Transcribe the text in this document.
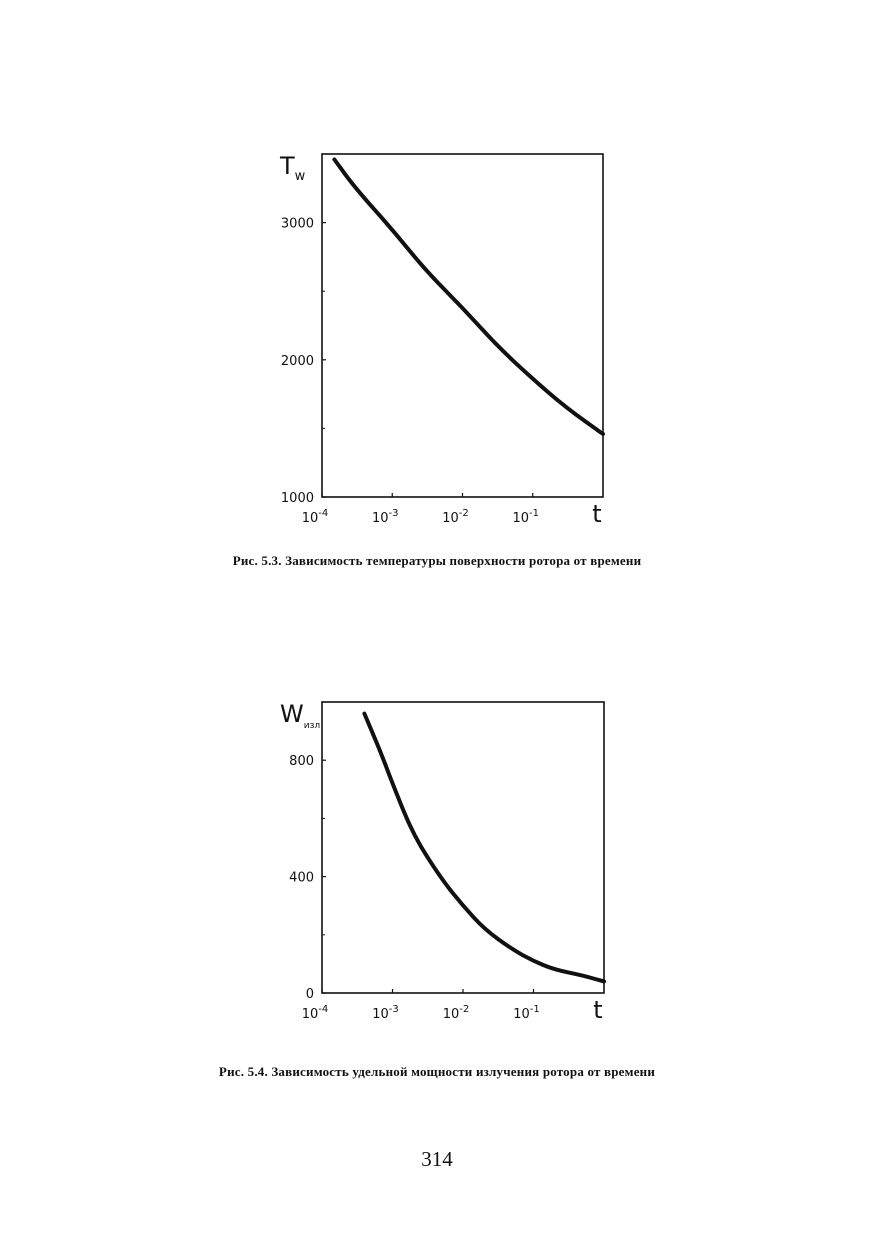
1000
2000
3000
$10^{-4}$	$10^{-3}$	$10^{-2}$	$10^{-1}$ t
$T_w$
Рис. 5.3. Зависимость температуры поверхности ротора от времени
0
400
800
$10^{-4}$	$10^{-3}$	$10^{-2}$	$10^{-1}$ t
$W_{изл}$
Рис. 5.4. Зависимость удельной мощности излучения ротора от времени
314
